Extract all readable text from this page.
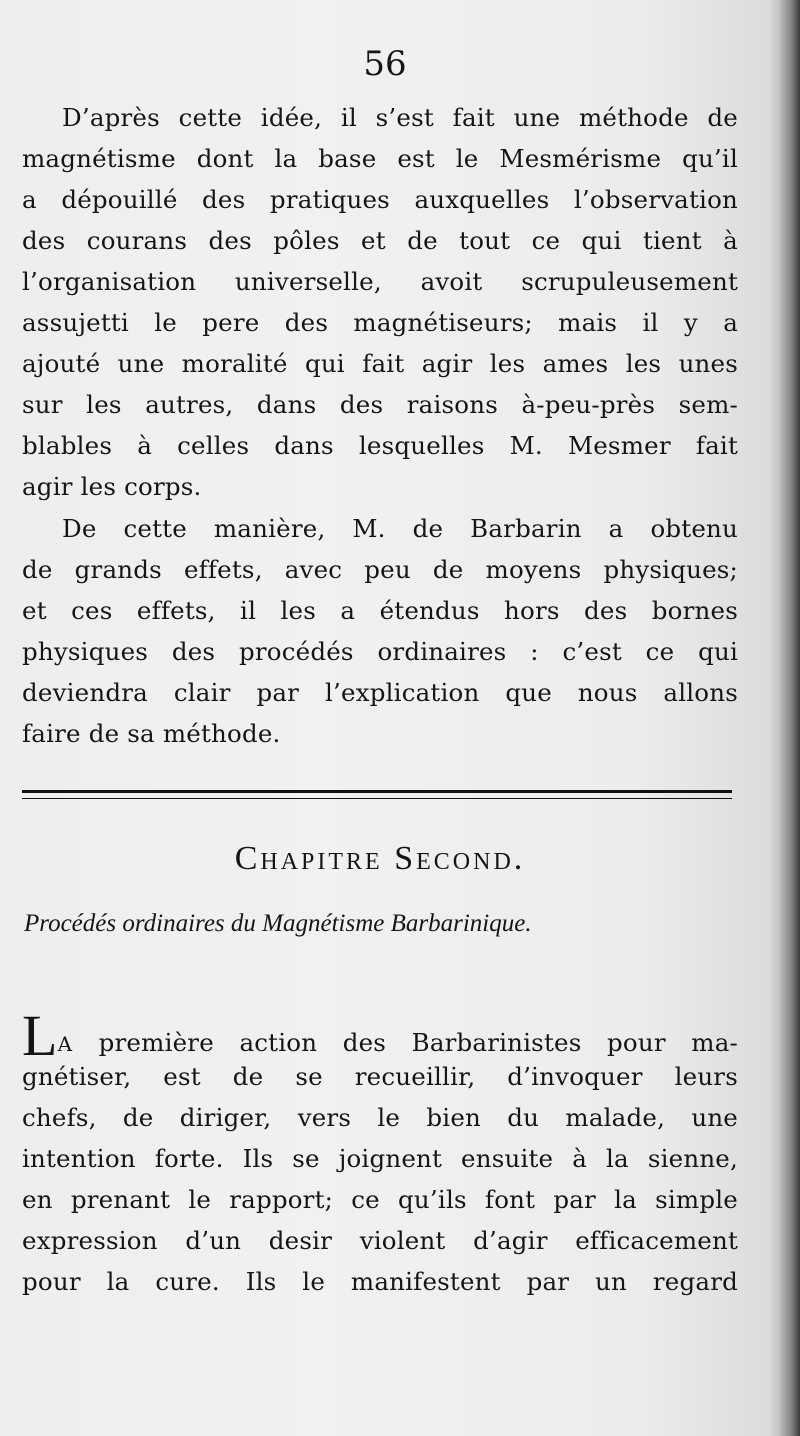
56
D’après cette idée, il s’est fait une méthode de
magnétisme dont la base est le Mesmérisme qu’il
a dépouillé des pratiques auxquelles l’observation
des courans des pôles et de tout ce qui tient à
l’organisation universelle, avoit scrupuleusement
assujetti le pere des magnétiseurs; mais il y a
ajouté une moralité qui fait agir les ames les unes
sur les autres, dans des raisons à-peu-près sem-
blables à celles dans lesquelles M. Mesmer fait
agir les corps.
De cette manière, M. de Barbarin a obtenu
de grands effets, avec peu de moyens physiques;
et ces effets, il les a étendus hors des bornes
physiques des procédés ordinaires : c’est ce qui
deviendra clair par l’explication que nous allons
faire de sa méthode.
Chapitre Second.
Procédés ordinaires du Magnétisme Barbarinique.
LA première action des Barbarinistes pour ma-
gnétiser, est de se recueillir, d’invoquer leurs
chefs, de diriger, vers le bien du malade, une
intention forte. Ils se joignent ensuite à la sienne,
en prenant le rapport; ce qu’ils font par la simple
expression d’un desir violent d’agir efficacement
pour la cure. Ils le manifestent par un regard
